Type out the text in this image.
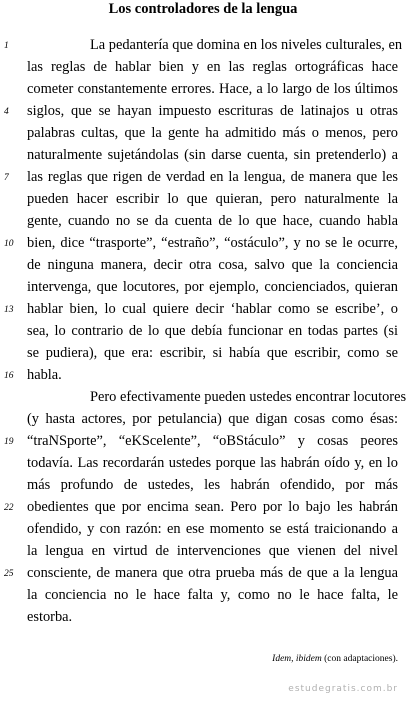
Los controladores de la lengua
1
4
7
10
13
16
19
22
25
La pedantería que domina en los niveles culturales, en
las reglas de hablar bien y en las reglas ortográficas hace
cometer constantemente errores. Hace, a lo largo de los últimos
siglos, que se hayan impuesto escrituras de latinajos u otras
palabras cultas, que la gente ha admitido más o menos, pero
naturalmente sujetándolas (sin darse cuenta, sin pretenderlo) a
las reglas que rigen de verdad en la lengua, de manera que les
pueden hacer escribir lo que quieran, pero naturalmente la
gente, cuando no se da cuenta de lo que hace, cuando habla
bien, dice “trasporte”, “estraño”, “ostáculo”, y no se le ocurre,
de ninguna manera, decir otra cosa, salvo que la conciencia
intervenga, que locutores, por ejemplo, concienciados, quieran
hablar bien, lo cual quiere decir ‘hablar como se escribe’, o
sea, lo contrario de lo que debía funcionar en todas partes (si
se pudiera), que era: escribir, si había que escribir, como se
habla.
Pero efectivamente pueden ustedes encontrar locutores
(y hasta actores, por petulancia) que digan cosas como ésas:
“traNSporte”, “eKScelente”, “oBStáculo” y cosas peores
todavía. Las recordarán ustedes porque las habrán oído y, en lo
más profundo de ustedes, les habrán ofendido, por más
obedientes que por encima sean. Pero por lo bajo les habrán
ofendido, y con razón: en ese momento se está traicionando a
la lengua en virtud de intervenciones que vienen del nivel
consciente, de manera que otra prueba más de que a la lengua
la conciencia no le hace falta y, como no le hace falta, le
estorba.
Idem, ibidem (con adaptaciones).
estudegratis.com.br
